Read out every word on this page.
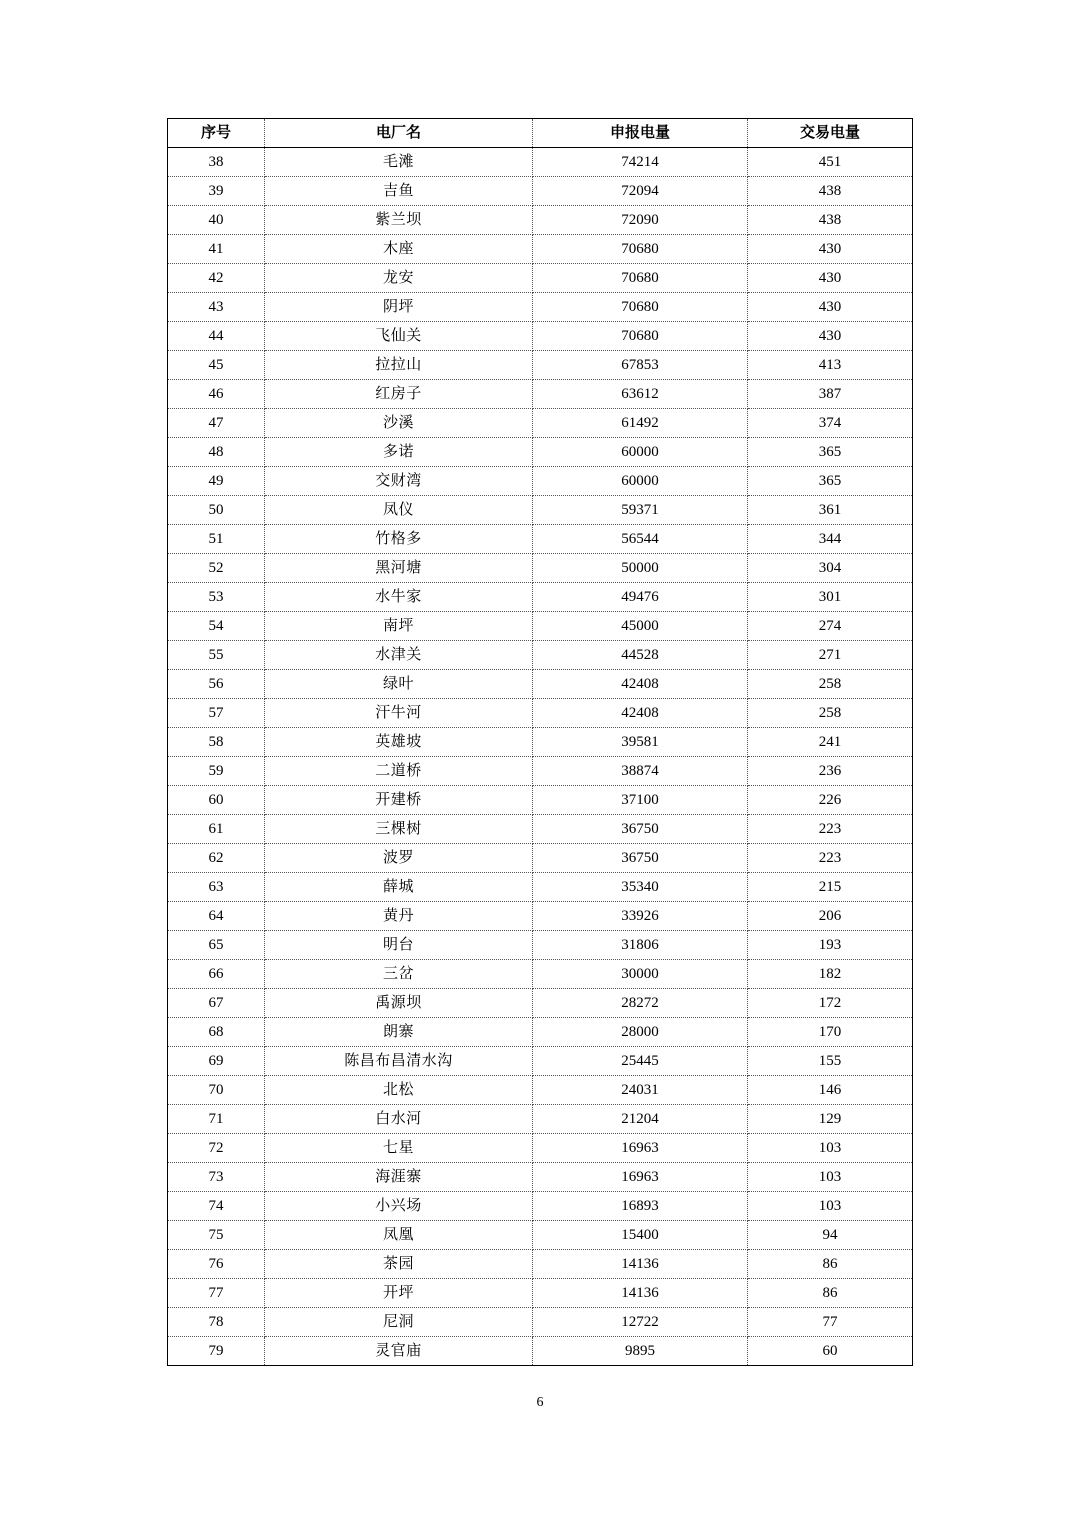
序号	电厂名	申报电量	交易电量
38	毛滩	74214	451
39	吉鱼	72094	438
40	紫兰坝	72090	438
41	木座	70680	430
42	龙安	70680	430
43	阴坪	70680	430
44	飞仙关	70680	430
45	拉拉山	67853	413
46	红房子	63612	387
47	沙溪	61492	374
48	多诺	60000	365
49	交财湾	60000	365
50	凤仪	59371	361
51	竹格多	56544	344
52	黑河塘	50000	304
53	水牛家	49476	301
54	南坪	45000	274
55	水津关	44528	271
56	绿叶	42408	258
57	汗牛河	42408	258
58	英雄坡	39581	241
59	二道桥	38874	236
60	开建桥	37100	226
61	三棵树	36750	223
62	波罗	36750	223
63	薛城	35340	215
64	黄丹	33926	206
65	明台	31806	193
66	三岔	30000	182
67	禹源坝	28272	172
68	朗寨	28000	170
69	陈昌布昌清水沟	25445	155
70	北松	24031	146
71	白水河	21204	129
72	七星	16963	103
73	海涯寨	16963	103
74	小兴场	16893	103
75	凤凰	15400	94
76	茶园	14136	86
77	开坪	14136	86
78	尼洞	12722	77
79	灵官庙	9895	60
6
